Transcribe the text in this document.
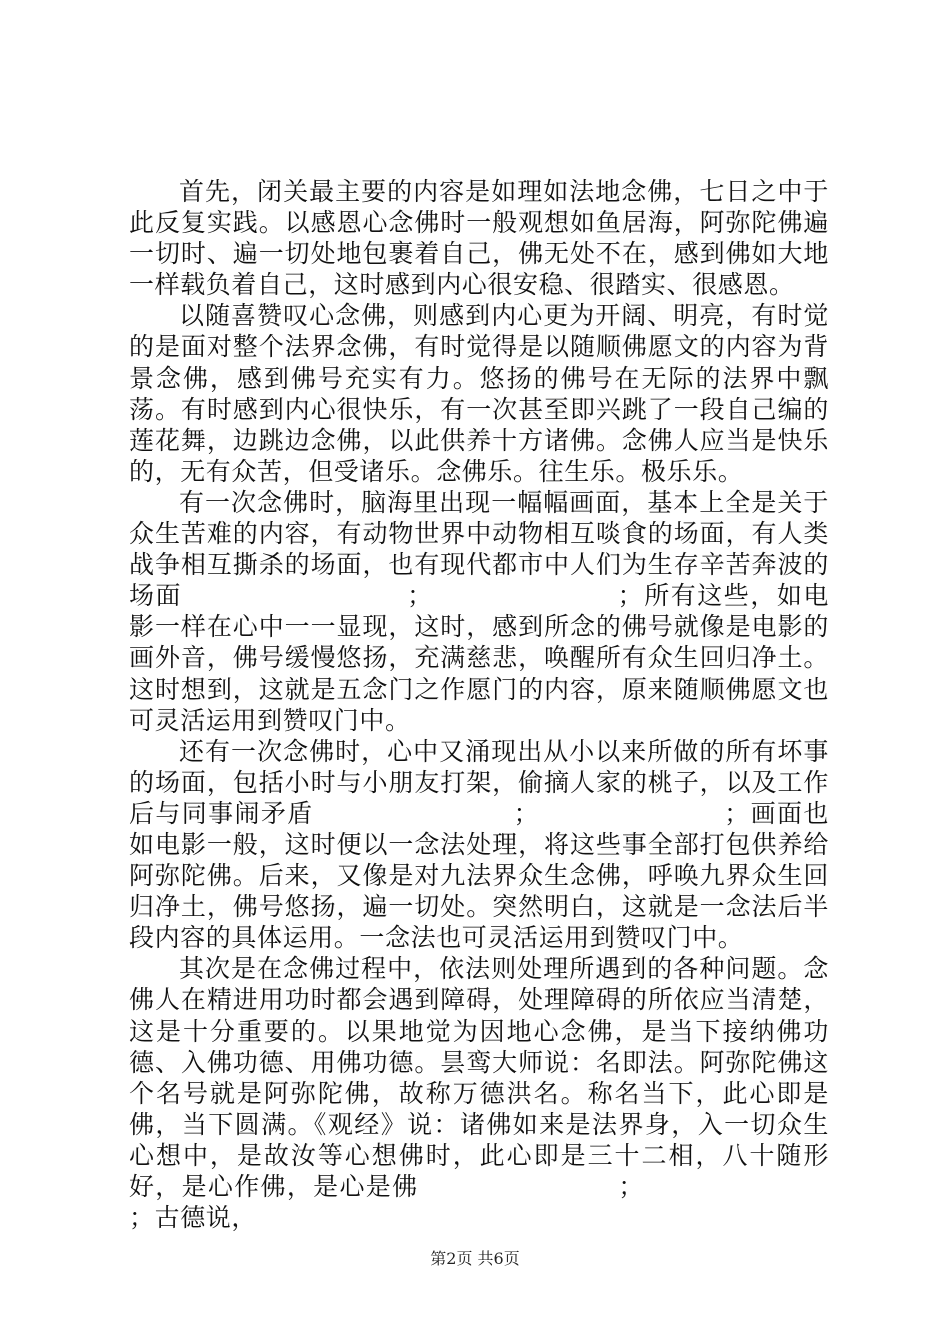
首先，闭关最主要的内容是如理如法地念佛，七日之中于此反复实践。以感恩心念佛时一般观想如鱼居海，阿弥陀佛遍一切时、遍一切处地包裹着自己，佛无处不在，感到佛如大地一样载负着自己，这时感到内心很安稳、很踏实、很感恩。

以随喜赞叹心念佛，则感到内心更为开阔、明亮，有时觉的是面对整个法界念佛，有时觉得是以随顺佛愿文的内容为背景念佛，感到佛号充实有力。悠扬的佛号在无际的法界中飘荡。有时感到内心很快乐，有一次甚至即兴跳了一段自己编的莲花舞，边跳边念佛，以此供养十方诸佛。念佛人应当是快乐的，无有众苦，但受诸乐。念佛乐。往生乐。极乐乐。

有一次念佛时，脑海里出现一幅幅画面，基本上全是关于众生苦难的内容，有动物世界中动物相互啖食的场面，有人类战争相互撕杀的场面，也有现代都市中人们为生存辛苦奔波的场面	；	；所有这些，如电影一样在心中一一显现，这时，感到所念的佛号就像是电影的画外音，佛号缓慢悠扬，充满慈悲，唤醒所有众生回归净土。这时想到，这就是五念门之作愿门的内容，原来随顺佛愿文也可灵活运用到赞叹门中。

还有一次念佛时，心中又涌现出从小以来所做的所有坏事的场面，包括小时与小朋友打架，偷摘人家的桃子，以及工作后与同事闹矛盾	；	；画面也如电影一般，这时便以一念法处理，将这些事全部打包供养给阿弥陀佛。后来，又像是对九法界众生念佛，呼唤九界众生回归净土，佛号悠扬，遍一切处。突然明白，这就是一念法后半段内容的具体运用。一念法也可灵活运用到赞叹门中。

其次是在念佛过程中，依法则处理所遇到的各种问题。念佛人在精进用功时都会遇到障碍，处理障碍的所依应当清楚，这是十分重要的。以果地觉为因地心念佛，是当下接纳佛功德、入佛功德、用佛功德。昙鸾大师说：名即法。阿弥陀佛这个名号就是阿弥陀佛，故称万德洪名。称名当下，此心即是佛，当下圆满。《观经》说：诸佛如来是法界身，入一切众生心想中，是故汝等心想佛时，此心即是三十二相，八十随形好，是心作佛，是心是佛	；；古德说，

第2页 共6页
